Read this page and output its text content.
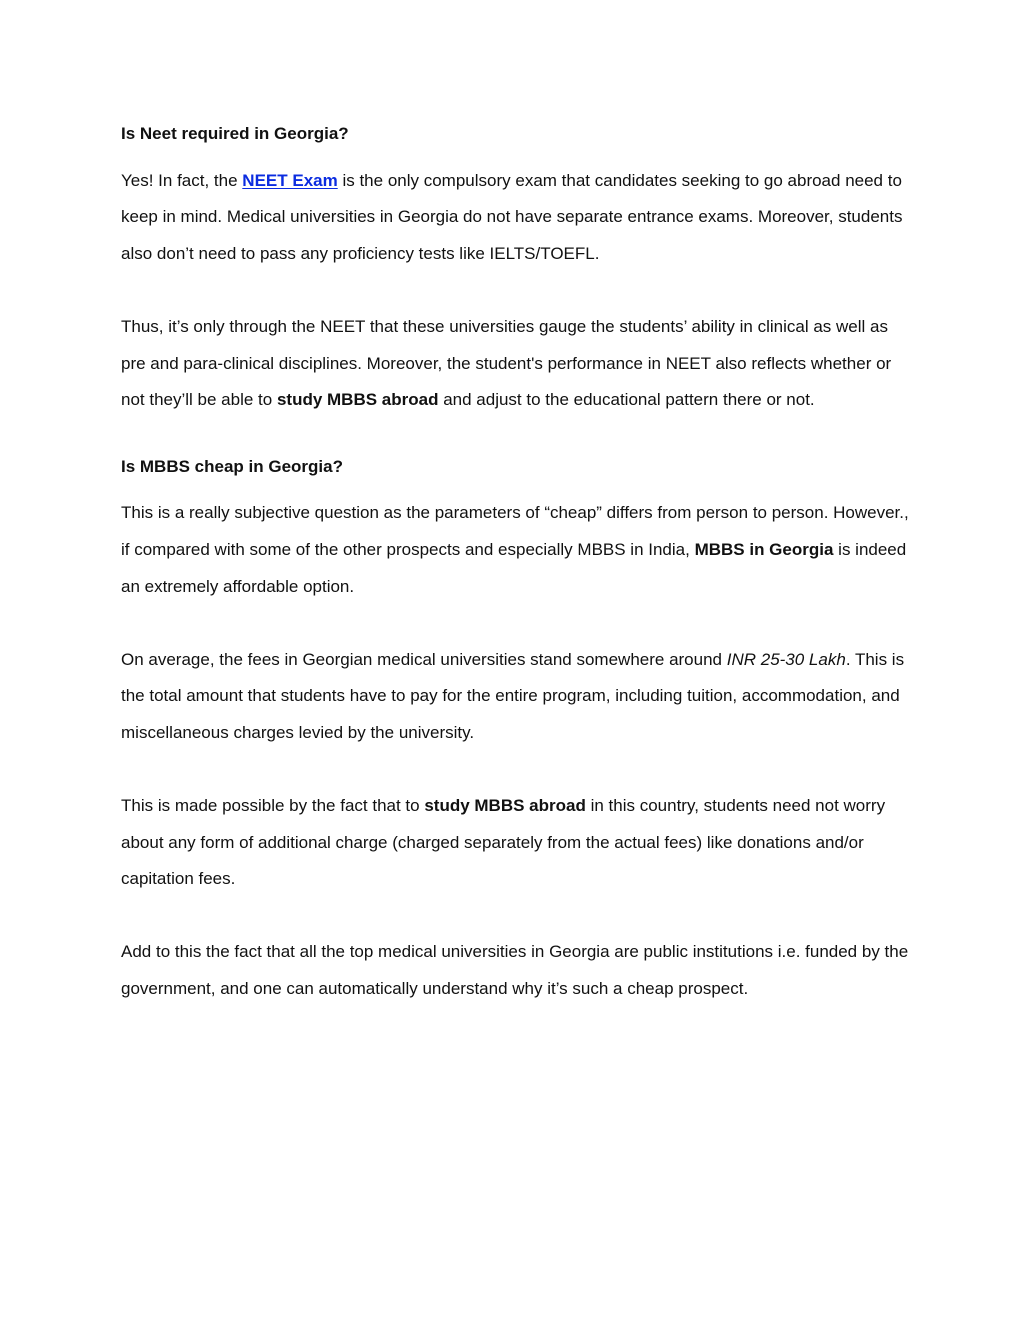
Is Neet required in Georgia?

Yes! In fact, the NEET Exam is the only compulsory exam that candidates seeking to go abroad need to keep in mind. Medical universities in Georgia do not have separate entrance exams. Moreover, students also don’t need to pass any proficiency tests like IELTS/TOEFL.

Thus, it’s only through the NEET that these universities gauge the students’ ability in clinical as well as pre and para-clinical disciplines. Moreover, the student's performance in NEET also reflects whether or not they’ll be able to study MBBS abroad and adjust to the educational pattern there or not.

Is MBBS cheap in Georgia?

This is a really subjective question as the parameters of “cheap” differs from person to person. However., if compared with some of the other prospects and especially MBBS in India, MBBS in Georgia is indeed an extremely affordable option.

On average, the fees in Georgian medical universities stand somewhere around INR 25-30 Lakh. This is the total amount that students have to pay for the entire program, including tuition, accommodation, and miscellaneous charges levied by the university.

This is made possible by the fact that to study MBBS abroad in this country, students need not worry about any form of additional charge (charged separately from the actual fees) like donations and/or capitation fees.

Add to this the fact that all the top medical universities in Georgia are public institutions i.e. funded by the government, and one can automatically understand why it’s such a cheap prospect.
